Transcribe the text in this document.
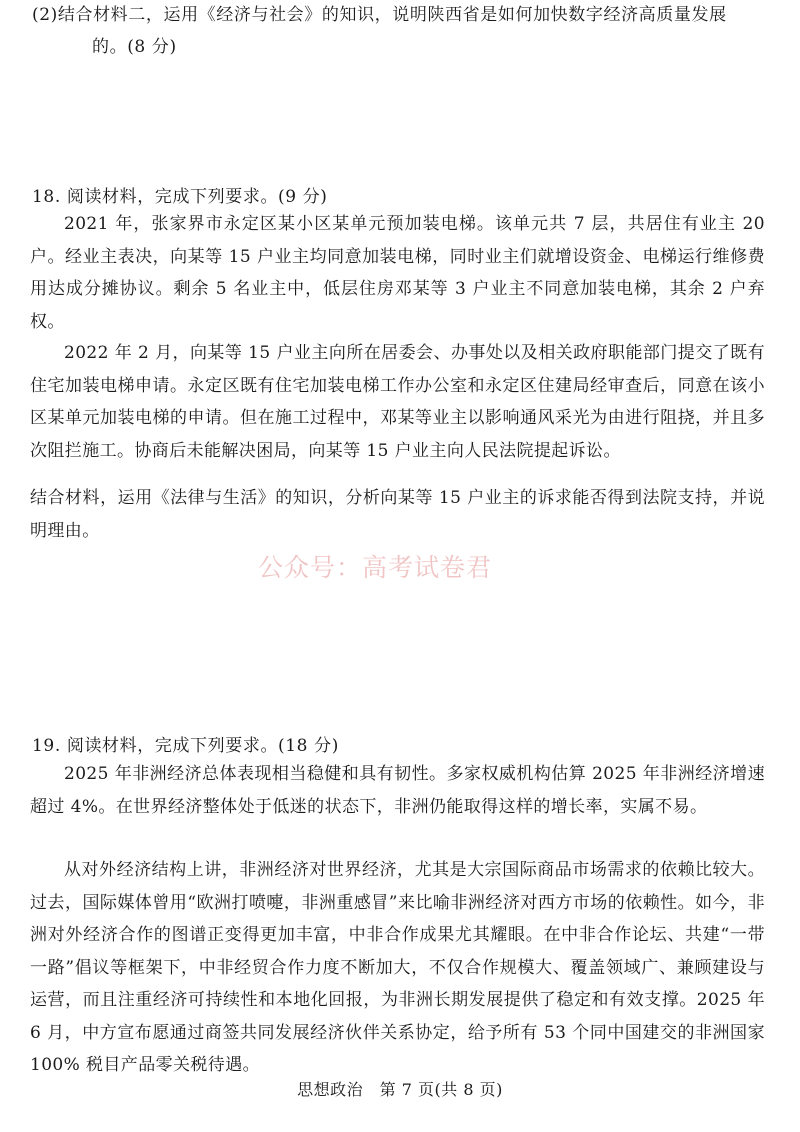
(2)结合材料二，运用《经济与社会》的知识，说明陕西省是如何加快数字经济高质量发展
的。(8 分)
18. 阅读材料，完成下列要求。(9 分)
2021 年，张家界市永定区某小区某单元预加装电梯。该单元共 7 层，共居住有业主 20 户。经业主表决，向某等 15 户业主均同意加装电梯，同时业主们就增设资金、电梯运行维修费用达成分摊协议。剩余 5 名业主中，低层住房邓某等 3 户业主不同意加装电梯，其余 2 户弃权。
2022 年 2 月，向某等 15 户业主向所在居委会、办事处以及相关政府职能部门提交了既有住宅加装电梯申请。永定区既有住宅加装电梯工作办公室和永定区住建局经审查后，同意在该小区某单元加装电梯的申请。但在施工过程中，邓某等业主以影响通风采光为由进行阻挠，并且多次阻拦施工。协商后未能解决困局，向某等 15 户业主向人民法院提起诉讼。
结合材料，运用《法律与生活》的知识，分析向某等 15 户业主的诉求能否得到法院支持，并说明理由。
公众号：高考试卷君
19. 阅读材料，完成下列要求。(18 分)
2025 年非洲经济总体表现相当稳健和具有韧性。多家权威机构估算 2025 年非洲经济增速超过 4%。在世界经济整体处于低迷的状态下，非洲仍能取得这样的增长率，实属不易。
从对外经济结构上讲，非洲经济对世界经济，尤其是大宗国际商品市场需求的依赖比较大。过去，国际媒体曾用“欧洲打喷嚏，非洲重感冒”来比喻非洲经济对西方市场的依赖性。如今，非洲对外经济合作的图谱正变得更加丰富，中非合作成果尤其耀眼。在中非合作论坛、共建“一带一路”倡议等框架下，中非经贸合作力度不断加大，不仅合作规模大、覆盖领域广、兼顾建设与运营，而且注重经济可持续性和本地化回报，为非洲长期发展提供了稳定和有效支撑。2025 年 6 月，中方宣布愿通过商签共同发展经济伙伴关系协定，给予所有 53 个同中国建交的非洲国家 100% 税目产品零关税待遇。
思想政治　第 7 页(共 8 页)
